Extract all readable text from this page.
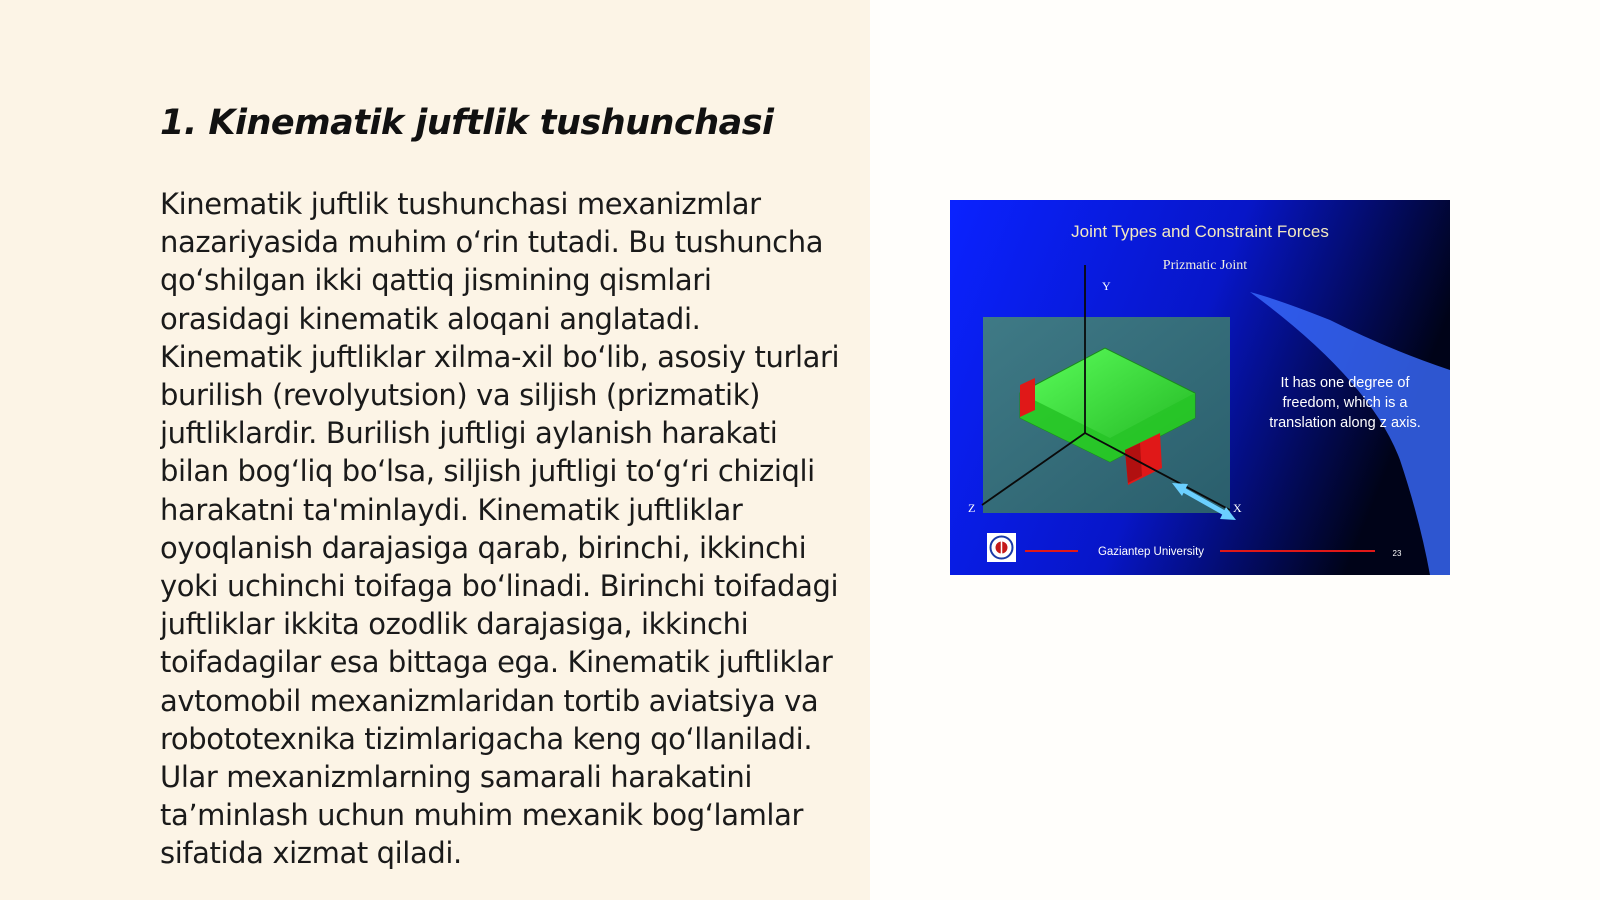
1. Kinematik juftlik tushunchasi

Kinematik juftlik tushunchasi mexanizmlar nazariyasida muhim oʻrin tutadi. Bu tushuncha qoʻshilgan ikki qattiq jismining qismlari orasidagi kinematik aloqani anglatadi. Kinematik juftliklar xilma-xil boʻlib, asosiy turlari burilish (revolyutsion) va siljish (prizmatik) juftliklardir. Burilish juftligi aylanish harakati bilan bogʻliq boʻlsa, siljish juftligi toʻgʻri chiziqli harakatni ta'minlaydi. Kinematik juftliklar oyoqlanish darajasiga qarab, birinchi, ikkinchi yoki uchinchi toifaga boʻlinadi. Birinchi toifadagi juftliklar ikkita ozodlik darajasiga, ikkinchi toifadagilar esa bittaga ega. Kinematik juftliklar avtomobil mexanizmlaridan tortib aviatsiya va robototexnika tizimlarigacha keng qoʻllaniladi. Ular mexanizmlarning samarali harakatini ta’minlash uchun muhim mexanik bogʻlamlar sifatida xizmat qiladi.

Joint Types and Constraint Forces
Prizmatic Joint
Y
X
Z
It has one degree of
freedom, which is a
translation along z axis.
Gaziantep University	23
